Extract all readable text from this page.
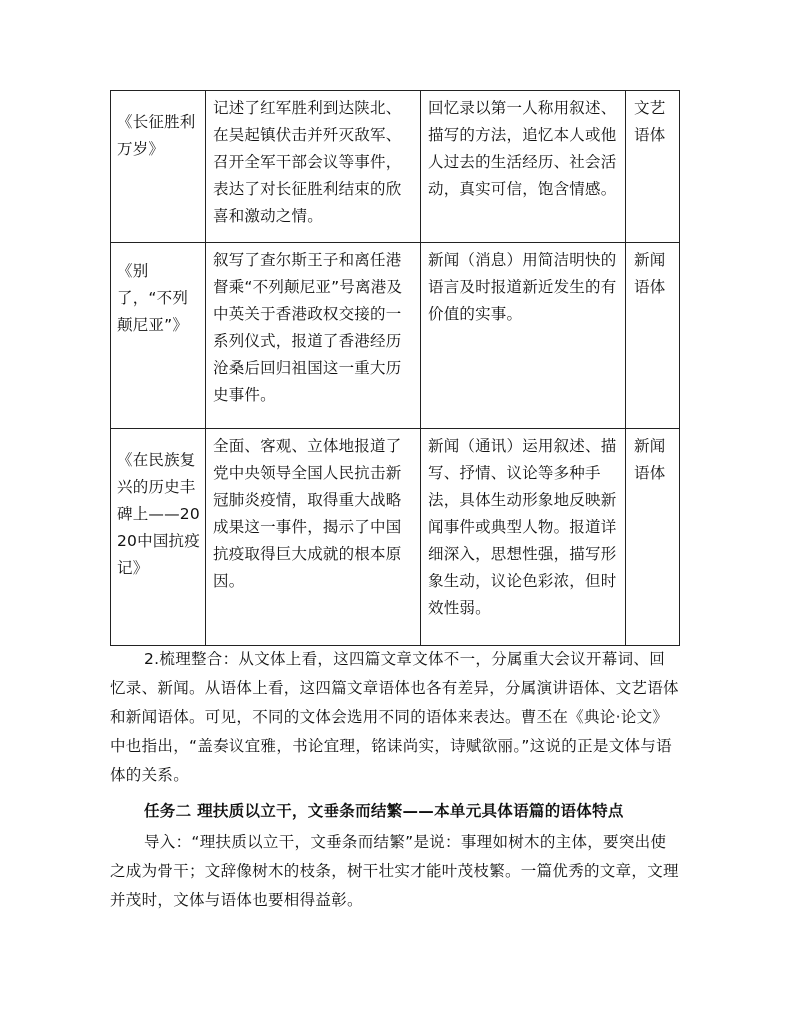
《长征胜利万岁》	记述了红军胜利到达陕北、在吴起镇伏击并歼灭敌军、召开全军干部会议等事件，表达了对长征胜利结束的欣喜和激动之情。	回忆录以第一人称用叙述、描写的方法，追忆本人或他人过去的生活经历、社会活动，真实可信，饱含情感。	文艺语体
《别了，“不列颠尼亚”》	叙写了查尔斯王子和离任港督乘“不列颠尼亚”号离港及中英关于香港政权交接的一系列仪式，报道了香港经历沧桑后回归祖国这一重大历史事件。	新闻（消息）用简洁明快的语言及时报道新近发生的有价值的实事。	新闻语体
《在民族复兴的历史丰碑上——2020中国抗疫记》	全面、客观、立体地报道了党中央领导全国人民抗击新冠肺炎疫情，取得重大战略成果这一事件，揭示了中国抗疫取得巨大成就的根本原因。	新闻（通讯）运用叙述、描写、抒情、议论等多种手法，具体生动形象地反映新闻事件或典型人物。报道详细深入，思想性强，描写形象生动，议论色彩浓，但时效性弱。	新闻语体

2.梳理整合：从文体上看，这四篇文章文体不一，分属重大会议开幕词、回忆录、新闻。从语体上看，这四篇文章语体也各有差异，分属演讲语体、文艺语体和新闻语体。可见，不同的文体会选用不同的语体来表达。曹丕在《典论·论文》中也指出，“盖奏议宜雅，书论宜理，铭诔尚实，诗赋欲丽。”这说的正是文体与语体的关系。

任务二 理扶质以立干，文垂条而结繁——本单元具体语篇的语体特点

导入：“理扶质以立干，文垂条而结繁”是说：事理如树木的主体，要突出使之成为骨干；文辞像树木的枝条，树干壮实才能叶茂枝繁。一篇优秀的文章，文理并茂时，文体与语体也要相得益彰。
